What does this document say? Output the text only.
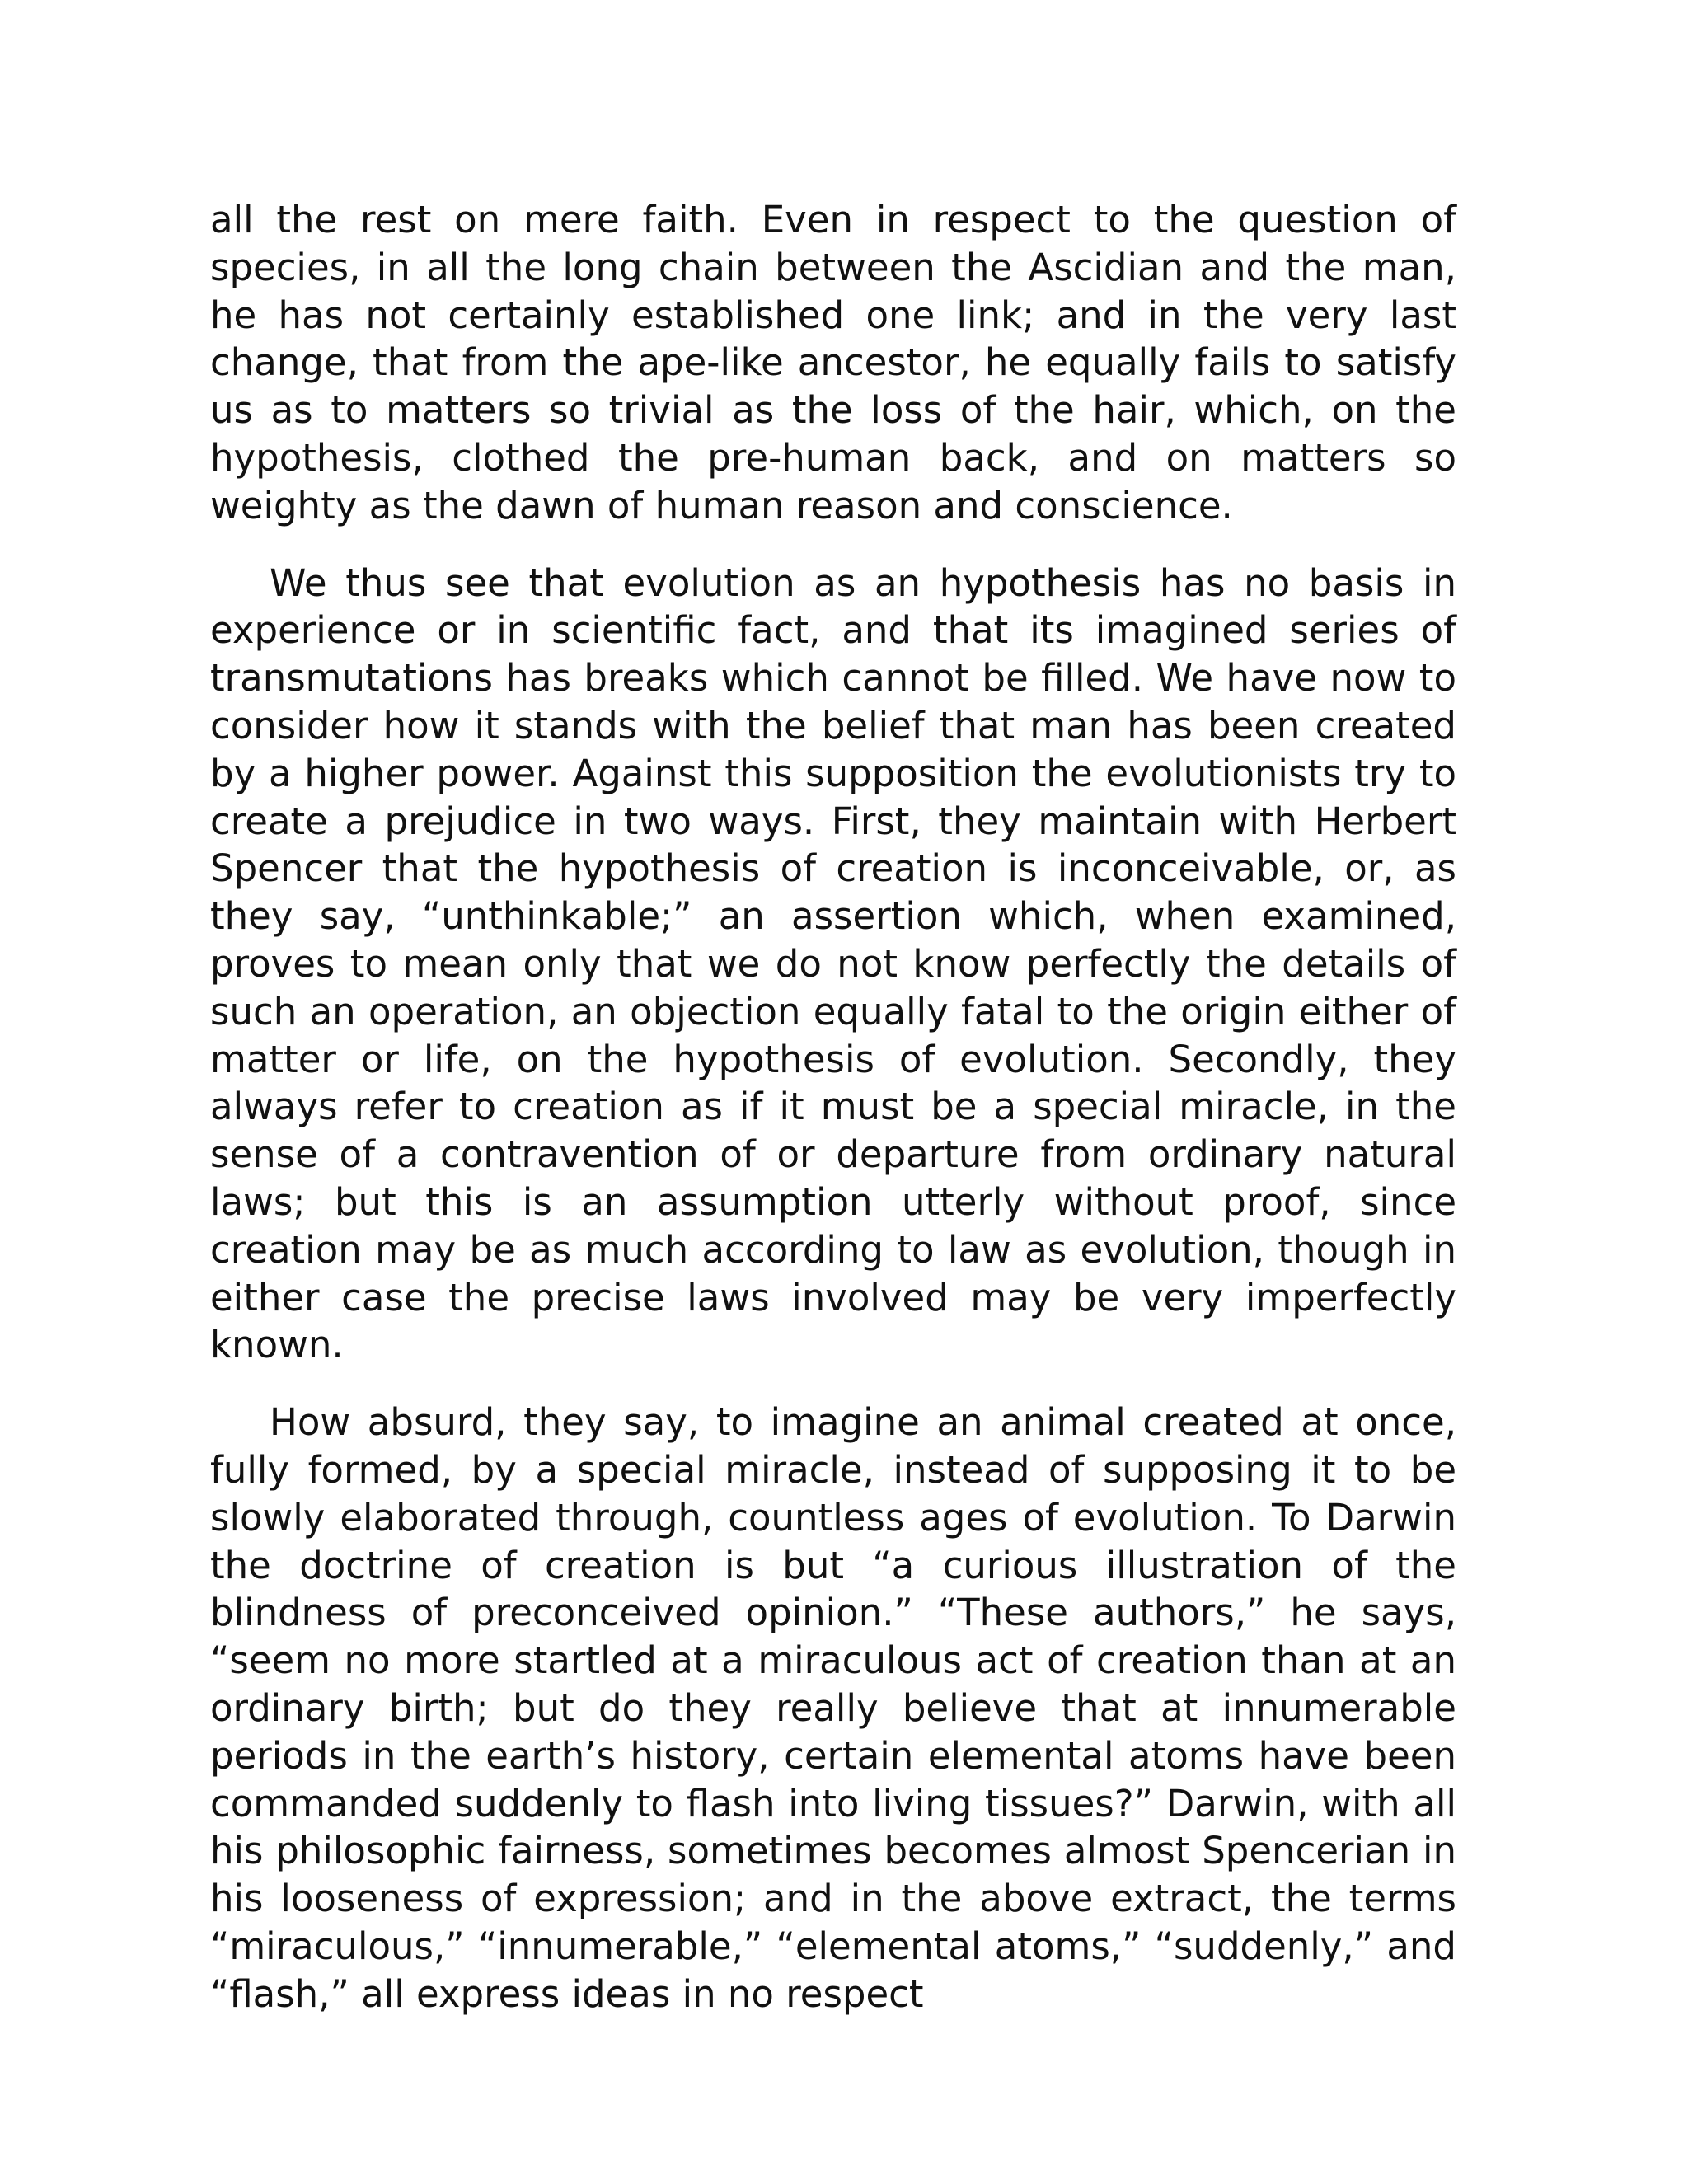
all the rest on mere faith. Even in respect to the question of species, in all the long chain between the Ascidian and the man, he has not certainly established one link; and in the very last change, that from the ape-like ancestor, he equally fails to satisfy us as to matters so trivial as the loss of the hair, which, on the hypothesis, clothed the pre-human back, and on matters so weighty as the dawn of human reason and conscience.

We thus see that evolution as an hypothesis has no basis in experience or in scientific fact, and that its imagined series of transmutations has breaks which cannot be filled. We have now to consider how it stands with the belief that man has been created by a higher power. Against this supposition the evolutionists try to create a prejudice in two ways. First, they maintain with Herbert Spencer that the hypothesis of creation is inconceivable, or, as they say, “unthinkable;” an assertion which, when examined, proves to mean only that we do not know perfectly the details of such an operation, an objection equally fatal to the origin either of matter or life, on the hypothesis of evolution. Secondly, they always refer to creation as if it must be a special miracle, in the sense of a contravention of or departure from ordinary natural laws; but this is an assumption utterly without proof, since creation may be as much according to law as evolution, though in either case the precise laws involved may be very imperfectly known.

How absurd, they say, to imagine an animal created at once, fully formed, by a special miracle, instead of supposing it to be slowly elaborated through, countless ages of evolution. To Darwin the doctrine of creation is but “a curious illustration of the blindness of preconceived opinion.” “These authors,” he says, “seem no more startled at a miraculous act of creation than at an ordinary birth; but do they really believe that at innumerable periods in the earth’s history, certain elemental atoms have been commanded suddenly to flash into living tissues?” Darwin, with all his philosophic fairness, sometimes becomes almost Spencerian in his looseness of expression; and in the above extract, the terms “miraculous,” “innumerable,” “elemental atoms,” “suddenly,” and “flash,” all express ideas in no respect
